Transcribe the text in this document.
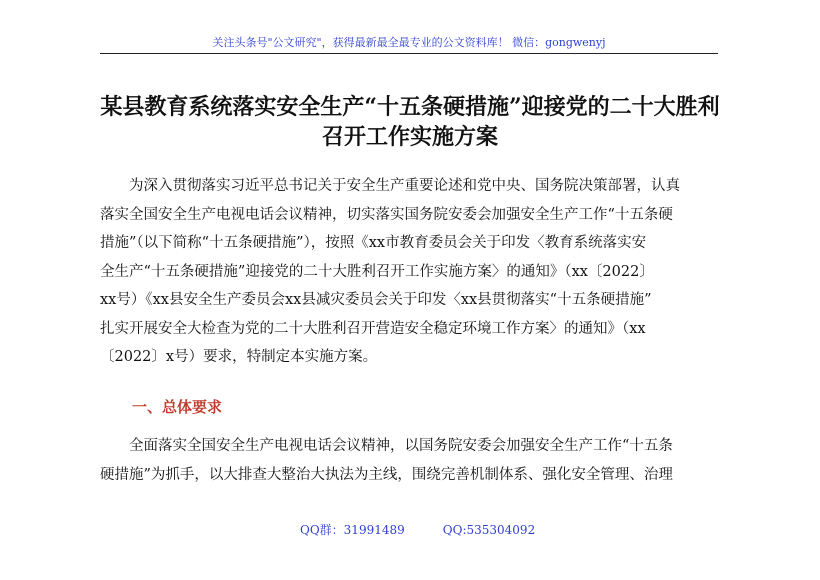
关注头条号"公文研究"，获得最新最全最专业的公文资料库！ 微信：gongwenyj
某县教育系统落实安全生产“十五条硬措施”迎接党的二十大胜利
召开工作实施方案
　　为深入贯彻落实习近平总书记关于安全生产重要论述和党中央、国务院决策部署，认真
落实全国安全生产电视电话会议精神，切实落实国务院安委会加强安全生产工作“十五条硬
措施”（以下简称“十五条硬措施”），按照《xx市教育委员会关于印发〈教育系统落实安
全生产“十五条硬措施”迎接党的二十大胜利召开工作实施方案〉的通知》（xx〔2022〕
xx号）《xx县安全生产委员会xx县减灾委员会关于印发〈xx县贯彻落实“十五条硬措施”
扎实开展安全大检查为党的二十大胜利召开营造安全稳定环境工作方案〉的通知》（xx
〔2022〕x号）要求，特制定本实施方案。
一、总体要求
　　全面落实全国安全生产电视电话会议精神，以国务院安委会加强安全生产工作“十五条
硬措施”为抓手，以大排查大整治大执法为主线，围绕完善机制体系、强化安全管理、治理
QQ群：31991489	QQ:535304092
